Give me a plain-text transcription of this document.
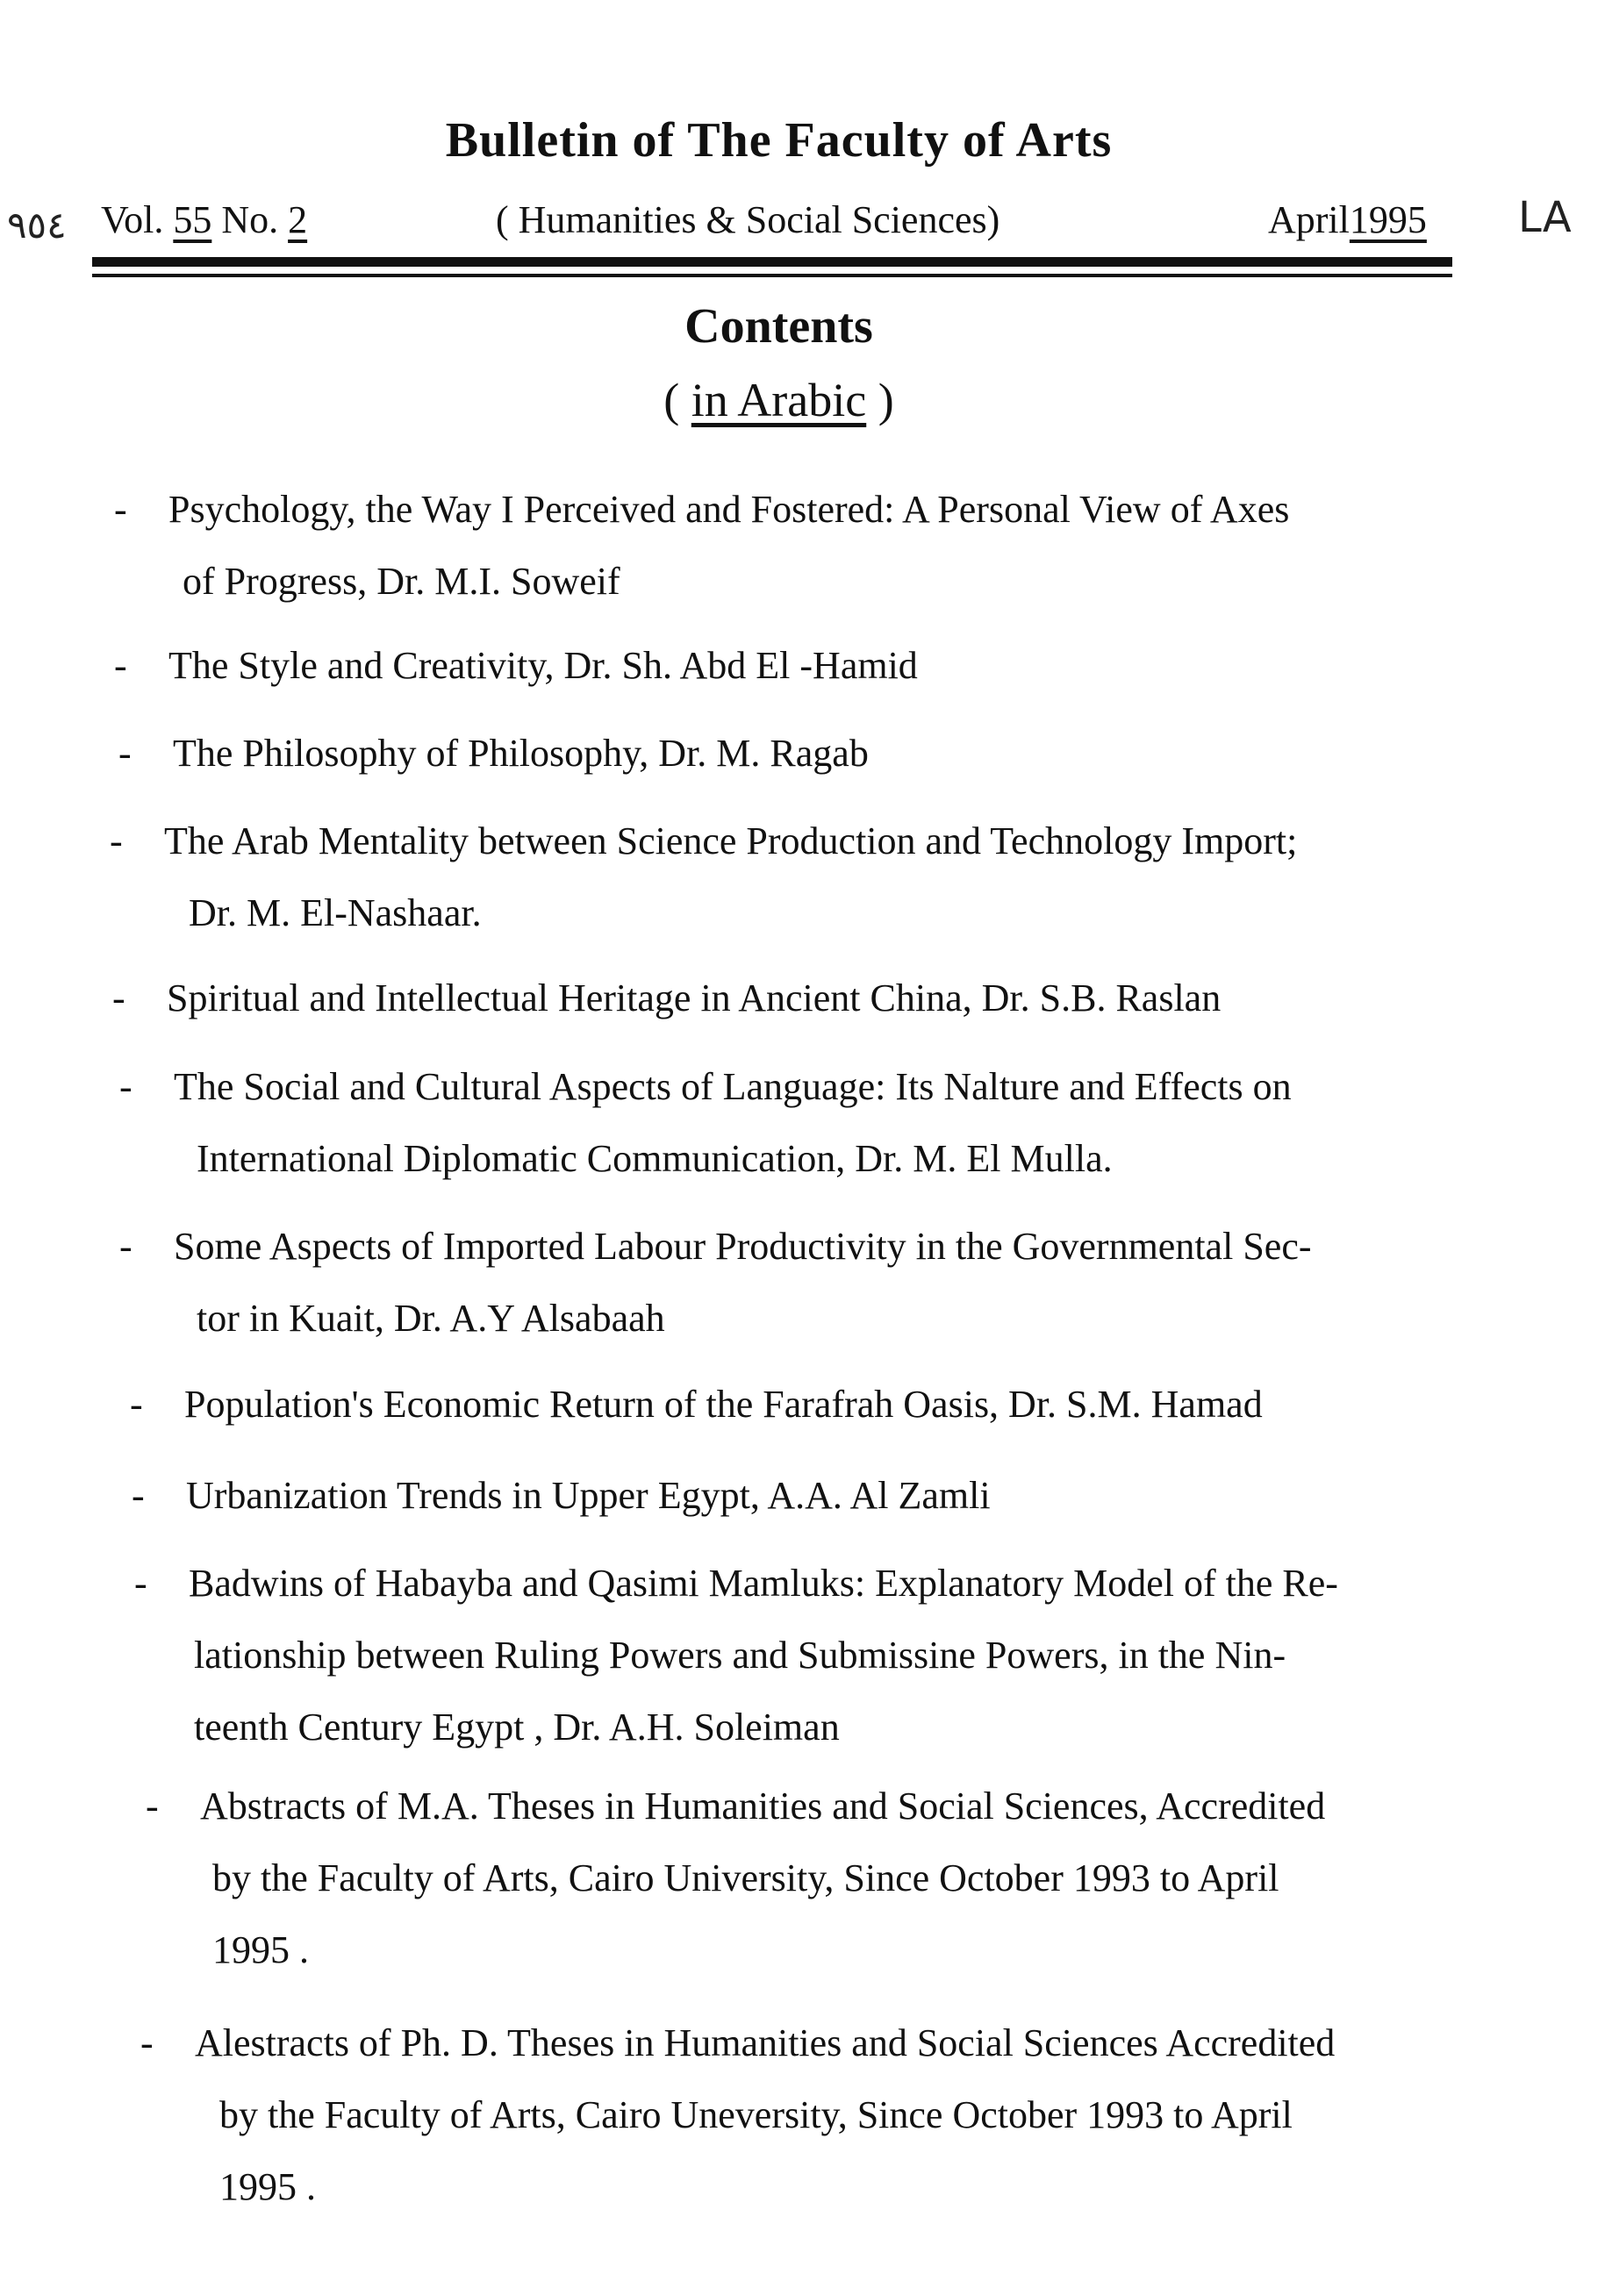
Bulletin of The Faculty of Arts
٩٥٤	LA
Vol. 55 No. 2	( Humanities & Social Sciences)	April1995
Contents
( in Arabic )
- Psychology, the Way I Perceived and Fostered: A Personal View of Axes
of Progress, Dr. M.I. Soweif
- The Style and Creativity, Dr. Sh. Abd El -Hamid
- The Philosophy of Philosophy, Dr. M. Ragab
- The Arab Mentality between Science Production and Technology Import;
Dr. M. El-Nashaar.
- Spiritual and Intellectual Heritage in Ancient China, Dr. S.B. Raslan
- The Social and Cultural Aspects of Language: Its Nalture and Effects on
International Diplomatic Communication, Dr. M. El Mulla.
- Some Aspects of Imported Labour Productivity in the Governmental Sec-
tor in Kuait, Dr. A.Y Alsabaah
- Population's Economic Return of the Farafrah Oasis, Dr. S.M. Hamad
- Urbanization Trends in Upper Egypt, A.A. Al Zamli
- Badwins of Habayba and Qasimi Mamluks: Explanatory Model of the Re-
lationship between Ruling Powers and Submissine Powers, in the Nin-
teenth Century Egypt , Dr. A.H. Soleiman
- Abstracts of M.A. Theses in Humanities and Social Sciences, Accredited
by the Faculty of Arts, Cairo University, Since October 1993 to April
1995 .
- Alestracts of Ph. D. Theses in Humanities and Social Sciences Accredited
by the Faculty of Arts, Cairo Uneversity, Since October 1993 to April
1995 .
